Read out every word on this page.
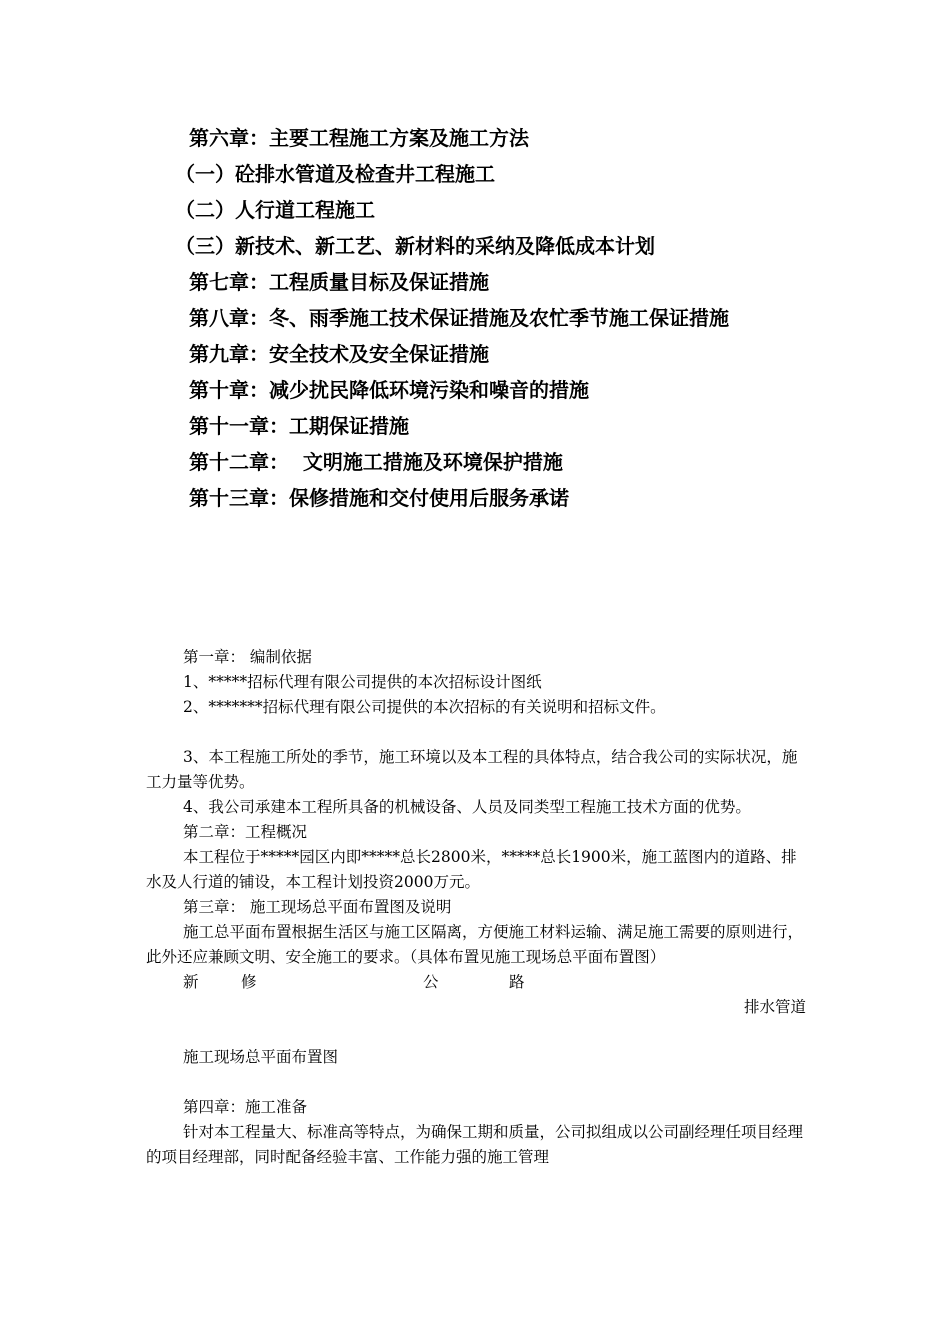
第六章：主要工程施工方案及施工方法
（一）砼排水管道及检查井工程施工
（二）人行道工程施工
（三）新技术、新工艺、新材料的采纳及降低成本计划
第七章：工程质量目标及保证措施
第八章：冬、雨季施工技术保证措施及农忙季节施工保证措施
第九章：安全技术及安全保证措施
第十章：减少扰民降低环境污染和噪音的措施
第十一章：工期保证措施
第十二章：  文明施工措施及环境保护措施
第十三章：保修措施和交付使用后服务承诺

第一章： 编制依据

1、*****招标代理有限公司提供的本次招标设计图纸

2、*******招标代理有限公司提供的本次招标的有关说明和招标文件。

3、本工程施工所处的季节，施工环境以及本工程的具体特点，结合我公司的实际状况，施工力量等优势。

4、我公司承建本工程所具备的机械设备、人员及同类型工程施工技术方面的优势。

第二章：工程概况

本工程位于*****园区内即*****总长2800米，*****总长1900米，施工蓝图内的道路、排水及人行道的铺设，本工程计划投资2000万元。

第三章： 施工现场总平面布置图及说明

施工总平面布置根据生活区与施工区隔离，方便施工材料运输、满足施工需要的原则进行，此外还应兼顾文明、安全施工的要求。（具体布置见施工现场总平面布置图）

新	修	公	路

排水管道

施工现场总平面布置图

第四章：施工准备

针对本工程量大、标准高等特点，为确保工期和质量，公司拟组成以公司副经理任项目经理的项目经理部，同时配备经验丰富、工作能力强的施工管理
